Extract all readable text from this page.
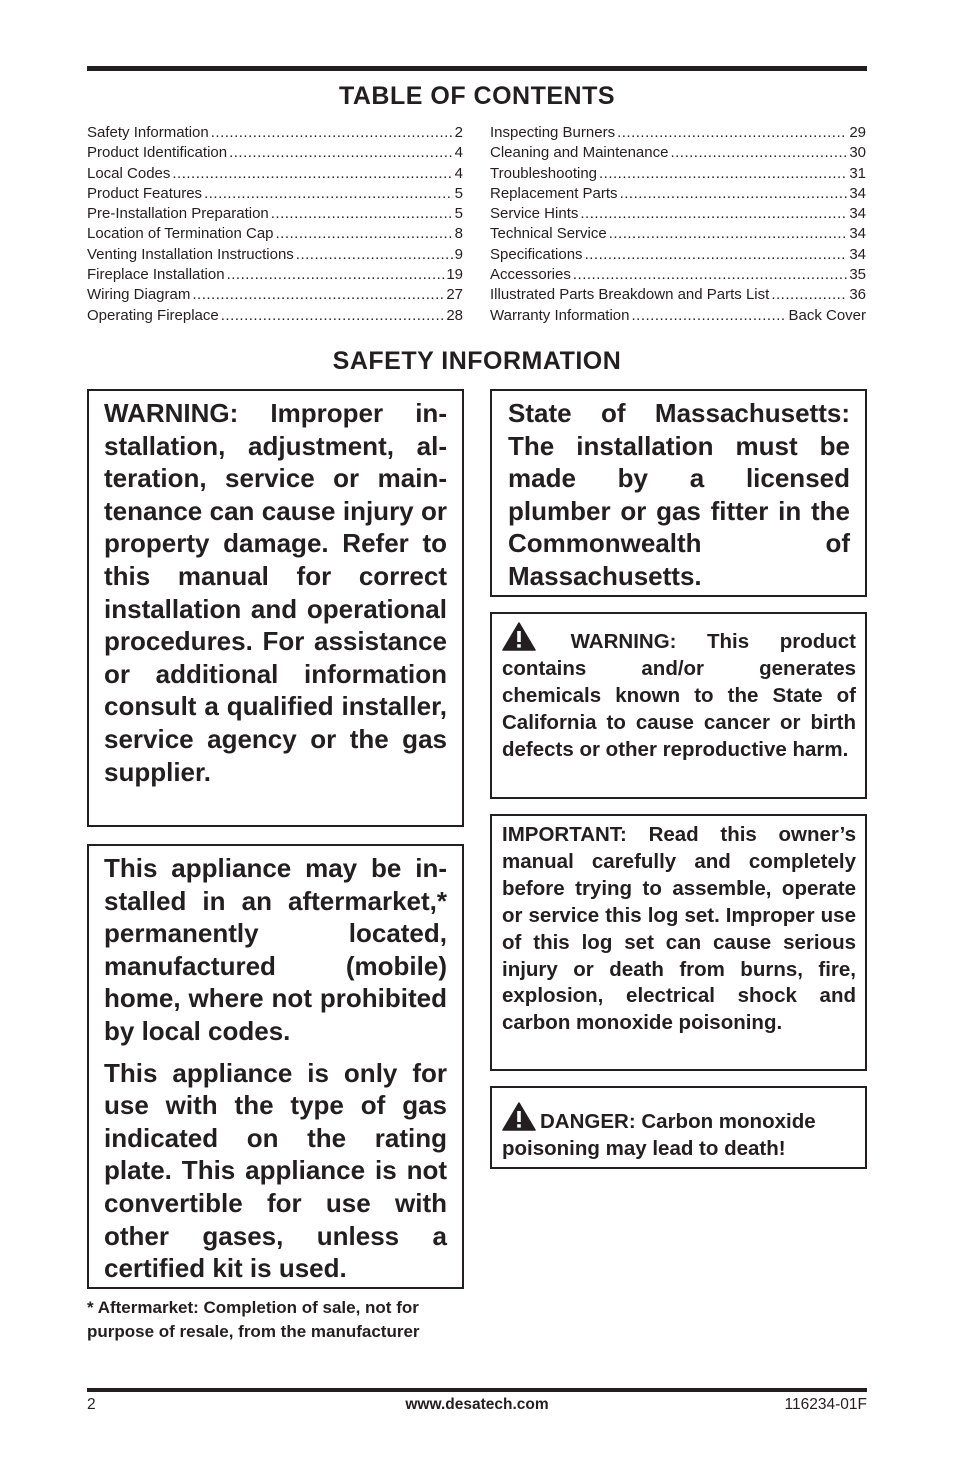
TABLE OF CONTENTS
Safety Information .....	2
Product Identification .....	4
Local Codes .....	4
Product Features .....	5
Pre-Installation Preparation .....	5
Location of Termination Cap .....	8
Venting Installation Instructions .....	9
Fireplace Installation .....	19
Wiring Diagram .....	27
Operating Fireplace .....	28
Inspecting Burners .....	29
Cleaning and Maintenance .....	30
Troubleshooting .....	31
Replacement Parts .....	34
Service Hints .....	34
Technical Service .....	34
Specifications .....	34
Accessories .....	35
Illustrated Parts Breakdown and Parts List .....	36
Warranty Information .....	Back Cover
SAFETY INFORMATION
WARNING: Improper installation, adjustment, alteration, service or maintenance can cause injury or property damage. Refer to this manual for correct installation and operational procedures. For assistance or additional information consult a qualified installer, service agency or the gas supplier.

This appliance may be installed in an aftermarket,* permanently located, manufactured (mobile) home, where not prohibited by local codes.

This appliance is only for use with the type of gas indicated on the rating plate. This appliance is not convertible for use with other gases, unless a certified kit is used.

* Aftermarket: Completion of sale, not for purpose of resale, from the manufacturer
State of Massachusetts: The installation must be made by a licensed plumber or gas fitter in the Commonwealth of Massachusetts.
WARNING: This product contains and/or generates chemicals known to the State of California to cause cancer or birth defects or other reproductive harm.
IMPORTANT: Read this owner’s manual carefully and completely before trying to assemble, operate or service this log set. Improper use of this log set can cause serious injury or death from burns, fire, explosion, electrical shock and carbon monoxide poisoning.
DANGER: Carbon monoxide poisoning may lead to death!
2	www.desatech.com	116234-01F
